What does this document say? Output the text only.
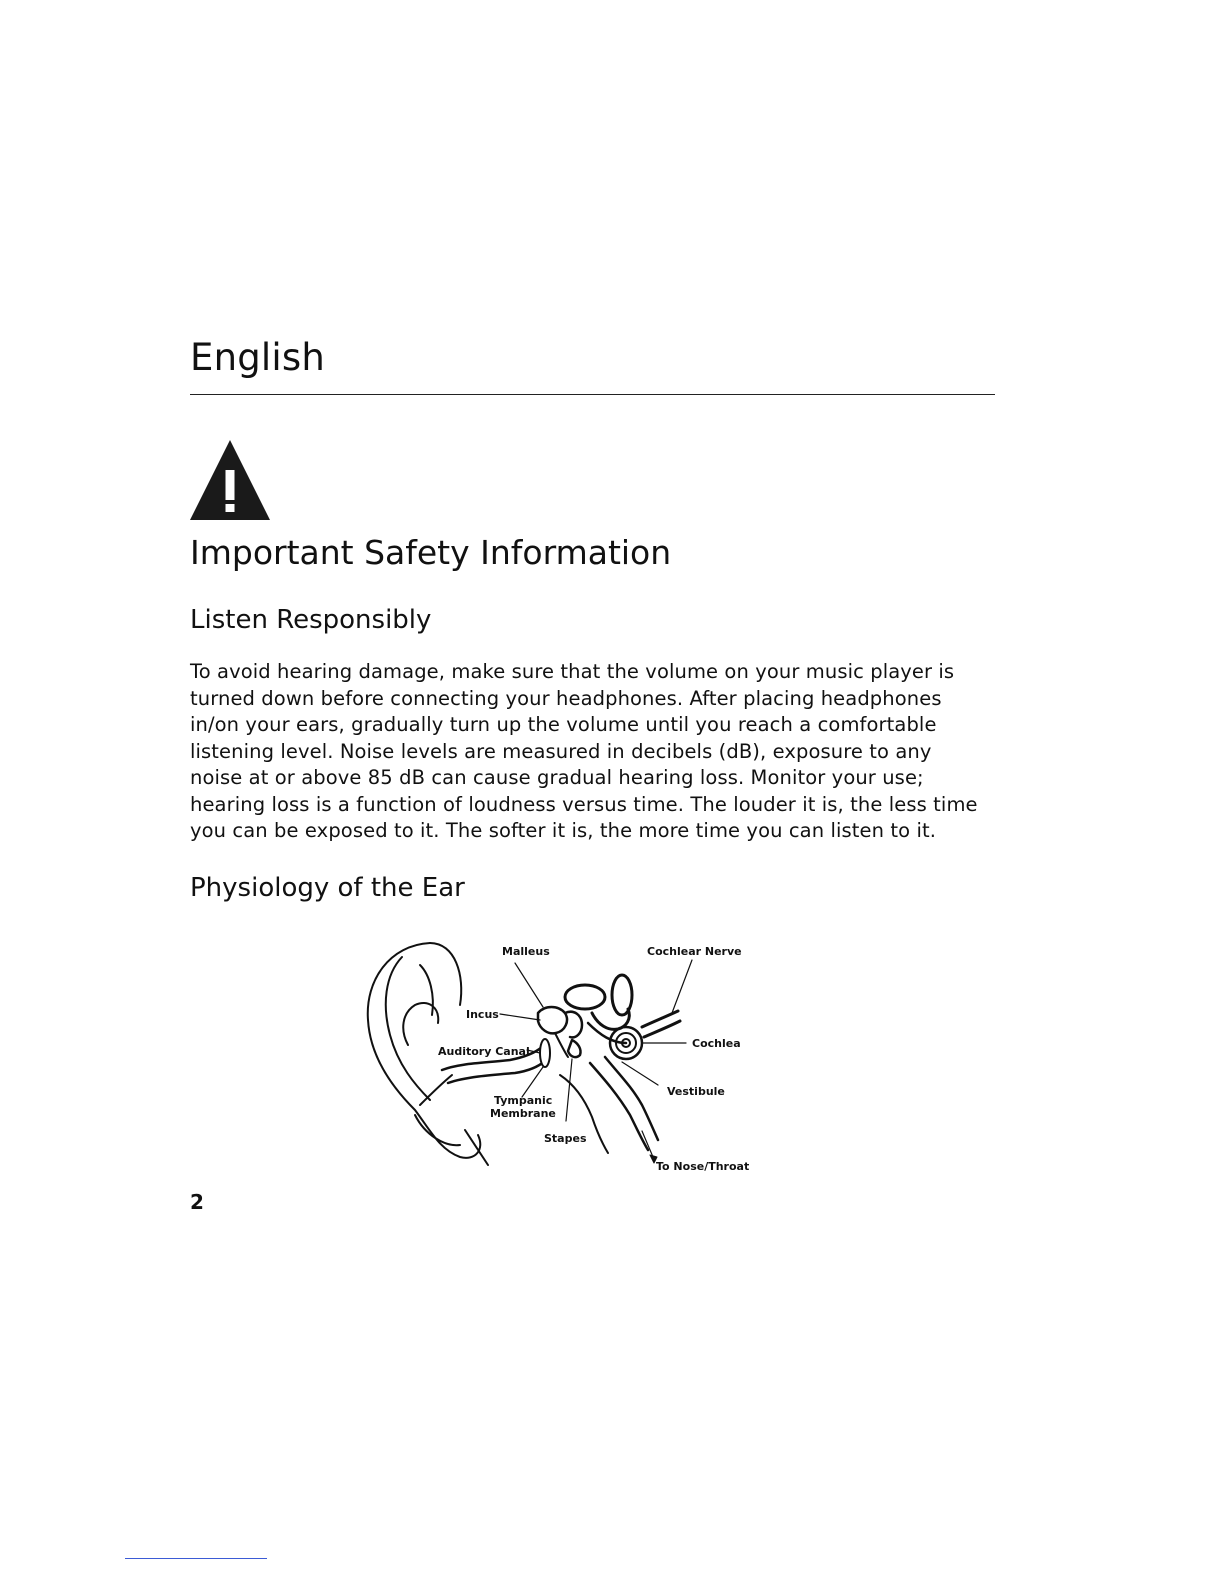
English
Important Safety Information
Listen Responsibly
To avoid hearing damage, make sure that the volume on your music player is
turned down before connecting your headphones. After placing headphones
in/on your ears, gradually turn up the volume until you reach a comfortable
listening level. Noise levels are measured in decibels (dB), exposure to any
noise at or above 85 dB can cause gradual hearing loss. Monitor your use;
hearing loss is a function of loudness versus time. The louder it is, the less time
you can be exposed to it. The softer it is, the more time you can listen to it.
Physiology of the Ear
Malleus	Cochlear Nerve
Incus
Cochlea
Auditory Canal
Vestibule
Tympanic
Membrane
Stapes
To Nose/Throat
2
